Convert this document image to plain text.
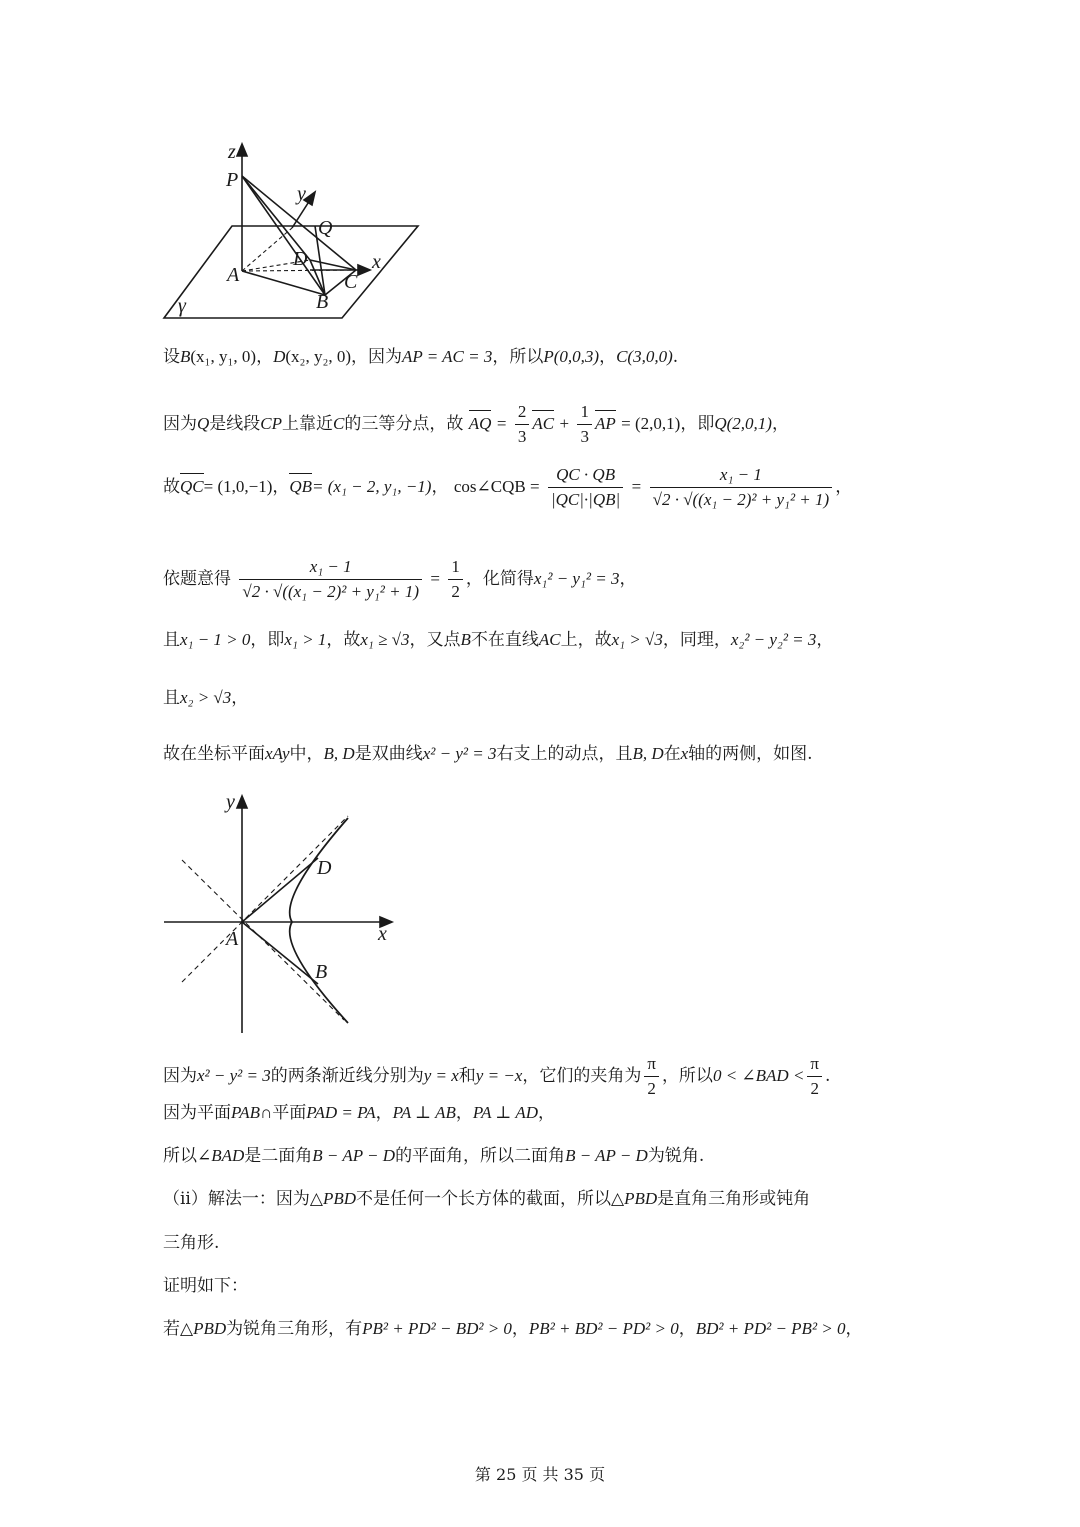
z
P
y
Q
D	x
A	C
B
γ
设B(x₁, y₁, 0)，D(x₂, y₂, 0)，因为AP = AC = 3，所以P(0,0,3)，C(3,0,0).
因为Q是线段CP上靠近C的三等分点，故 AQ = $\frac{2}{3}$ AC + $\frac{1}{3}$ AP = (2,0,1)，即Q(2,0,1)，
故QC= (1,0,−1)，QB= (x₁ − 2, y₁, −1)， cos∠CQB = $\frac{QC \cdot QB}{|QC|\cdot|QB|} = \frac{\text{x₁ − 1}}{\text{√2 · √((x₁ − 2)² + y₁² + 1)}}$ ，
依题意得 $\frac{\text{x₁ − 1}}{\text{√2 · √((x₁ − 2)² + y₁² + 1)}} = \frac{1}{2}$ ，化简得x₁² − y₁² = 3，
且x₁ − 1 > 0，即x₁ > 1，故x₁ ≥ √3，又点B不在直线AC上，故x₁ > √3，同理，x₂² − y₂² = 3，
且x₂ > √3，
故在坐标平面xAy中，B, D是双曲线x² − y² = 3右支上的动点，且B, D在x轴的两侧，如图.
y
x
A
D
B
因为x² − y² = 3的两条渐近线分别为y = x和y = −x，它们的夹角为 $\frac{\pi}{2}$ ，所以0 < ∠BAD < $\frac{\pi}{2}$ .
因为平面PAB∩平面PAD = PA，PA ⊥ AB，PA ⊥ AD，
所以∠BAD是二面角B − AP − D的平面角，所以二面角B − AP − D为锐角.
（ii）解法一：因为△PBD不是任何一个长方体的截面，所以△PBD是直角三角形或钝角
三角形.
证明如下：
若△PBD为锐角三角形，有PB² + PD² − BD² > 0，PB² + BD² − PD² > 0，BD² + PD² − PB² > 0，
第 25 页 共 35 页
